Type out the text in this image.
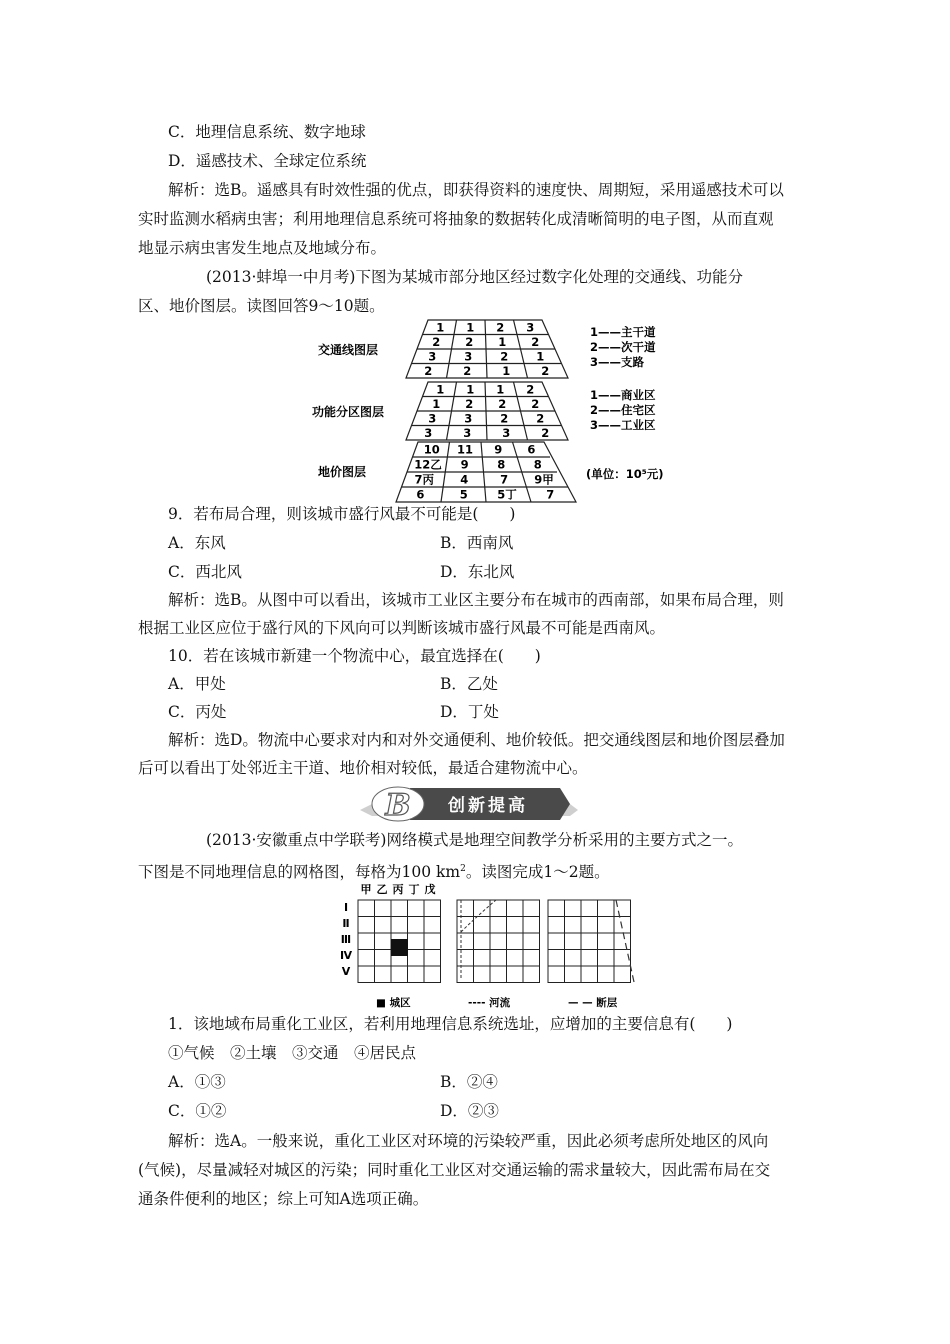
C．地理信息系统、数字地球

D．遥感技术、全球定位系统

解析：选B。遥感具有时效性强的优点，即获得资料的速度快、周期短，采用遥感技术可以

实时监测水稻病虫害；利用地理信息系统可将抽象的数据转化成清晰简明的电子图，从而直观

地显示病虫害发生地点及地域分布。

(2013·蚌埠一中月考)下图为某城市部分地区经过数字化处理的交通线、功能分

区、地价图层。读图回答9～10题。

交通线图层
功能分区图层
地价图层
1 1 2 3
2 2 1 2
3 3 2 1
2	2	1	2
1 1 1 2
1 2 2 2
3 3 2 2
3	3	3	2
10 11 9 6
12乙 9 8 8
7丙 4	7 9甲
6	5	5丁	7
1——主干道
2——次干道
3——支路
1——商业区
2——住宅区
3——工业区
(单位：10⁵元)

9．若布局合理，则该城市盛行风最不可能是(　　)

A．东风	B．西南风

C．西北风	D．东北风

解析：选B。从图中可以看出，该城市工业区主要分布在城市的西南部，如果布局合理，则

根据工业区应位于盛行风的下风向可以判断该城市盛行风最不可能是西南风。

10．若在该城市新建一个物流中心，最宜选择在(　　)

A．甲处	B．乙处

C．丙处	D．丁处

解析：选D。物流中心要求对内和对外交通便利、地价较低。把交通线图层和地价图层叠加

后可以看出丁处邻近主干道、地价相对较低，最适合建物流中心。

B 创新提高

(2013·安徽重点中学联考)网络模式是地理空间教学分析采用的主要方式之一。

下图是不同地理信息的网格图，每格为100 $km^2$。读图完成1～2题。

甲 乙 丙 丁 戊
Ⅰ
Ⅱ
Ⅲ
Ⅳ
Ⅴ
■ 城区	---- 河流	— — 断层

1．该地域布局重化工业区，若利用地理信息系统选址，应增加的主要信息有(　　)

①气候　②土壤　③交通　④居民点

A．①③	B．②④

C．①②	D．②③

解析：选A。一般来说，重化工业区对环境的污染较严重，因此必须考虑所处地区的风向

(气候)，尽量减轻对城区的污染；同时重化工业区对交通运输的需求量较大，因此需布局在交

通条件便利的地区；综上可知A选项正确。
